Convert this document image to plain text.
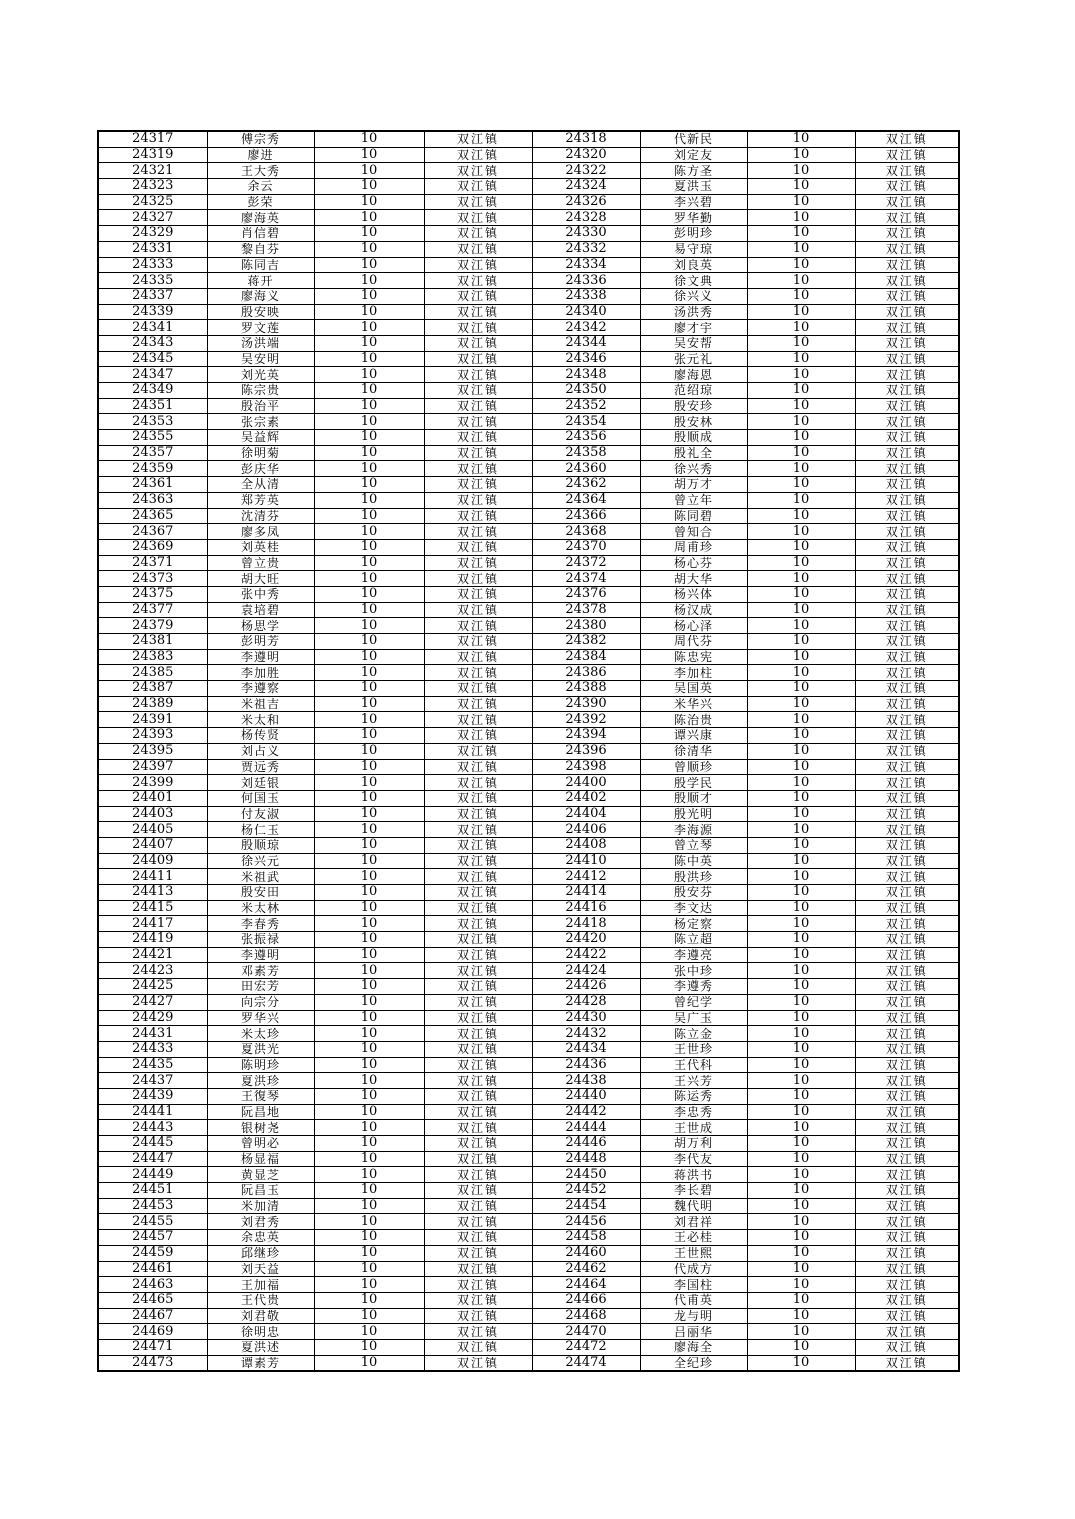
24317	傅宗秀	10	双江镇	24318	代新民	10	双江镇
24319	廖进	10	双江镇	24320	刘定友	10	双江镇
24321	王大秀	10	双江镇	24322	陈方圣	10	双江镇
24323	余云	10	双江镇	24324	夏洪玉	10	双江镇
24325	彭荣	10	双江镇	24326	李兴碧	10	双江镇
24327	廖海英	10	双江镇	24328	罗华勤	10	双江镇
24329	肖信碧	10	双江镇	24330	彭明珍	10	双江镇
24331	黎自芬	10	双江镇	24332	易守琼	10	双江镇
24333	陈同吉	10	双江镇	24334	刘良英	10	双江镇
24335	蒋开	10	双江镇	24336	徐文典	10	双江镇
24337	廖海义	10	双江镇	24338	徐兴义	10	双江镇
24339	殷安映	10	双江镇	24340	汤洪秀	10	双江镇
24341	罗文莲	10	双江镇	24342	廖才宇	10	双江镇
24343	汤洪端	10	双江镇	24344	吴安帮	10	双江镇
24345	吴安明	10	双江镇	24346	张元礼	10	双江镇
24347	刘光英	10	双江镇	24348	廖海恩	10	双江镇
24349	陈宗贵	10	双江镇	24350	范绍琼	10	双江镇
24351	殷治平	10	双江镇	24352	殷安珍	10	双江镇
24353	张宗素	10	双江镇	24354	殷安林	10	双江镇
24355	吴益辉	10	双江镇	24356	殷顺成	10	双江镇
24357	徐明菊	10	双江镇	24358	殷礼全	10	双江镇
24359	彭庆华	10	双江镇	24360	徐兴秀	10	双江镇
24361	全从清	10	双江镇	24362	胡万才	10	双江镇
24363	郑芳英	10	双江镇	24364	曾立年	10	双江镇
24365	沈清芬	10	双江镇	24366	陈同碧	10	双江镇
24367	廖多凤	10	双江镇	24368	曾知合	10	双江镇
24369	刘英桂	10	双江镇	24370	周甫珍	10	双江镇
24371	曾立贵	10	双江镇	24372	杨心芬	10	双江镇
24373	胡大旺	10	双江镇	24374	胡大华	10	双江镇
24375	张中秀	10	双江镇	24376	杨兴体	10	双江镇
24377	袁培碧	10	双江镇	24378	杨汉成	10	双江镇
24379	杨思学	10	双江镇	24380	杨心泽	10	双江镇
24381	彭明芳	10	双江镇	24382	周代芬	10	双江镇
24383	李遵明	10	双江镇	24384	陈忠宪	10	双江镇
24385	李加胜	10	双江镇	24386	李加柱	10	双江镇
24387	李遵察	10	双江镇	24388	吴国英	10	双江镇
24389	米祖吉	10	双江镇	24390	米华兴	10	双江镇
24391	米太和	10	双江镇	24392	陈治贵	10	双江镇
24393	杨传贤	10	双江镇	24394	谭兴康	10	双江镇
24395	刘占义	10	双江镇	24396	徐清华	10	双江镇
24397	贾远秀	10	双江镇	24398	曾顺珍	10	双江镇
24399	刘廷银	10	双江镇	24400	殷学民	10	双江镇
24401	何国玉	10	双江镇	24402	殷顺才	10	双江镇
24403	付友淑	10	双江镇	24404	殷光明	10	双江镇
24405	杨仁玉	10	双江镇	24406	李海源	10	双江镇
24407	殷顺琼	10	双江镇	24408	曾立琴	10	双江镇
24409	徐兴元	10	双江镇	24410	陈中英	10	双江镇
24411	米祖武	10	双江镇	24412	殷洪珍	10	双江镇
24413	殷安田	10	双江镇	24414	殷安芬	10	双江镇
24415	米太林	10	双江镇	24416	李文达	10	双江镇
24417	李春秀	10	双江镇	24418	杨定察	10	双江镇
24419	张振禄	10	双江镇	24420	陈立超	10	双江镇
24421	李遵明	10	双江镇	24422	李遵亮	10	双江镇
24423	邓素芳	10	双江镇	24424	张中珍	10	双江镇
24425	田宏芳	10	双江镇	24426	李遵秀	10	双江镇
24427	向宗分	10	双江镇	24428	曾纪学	10	双江镇
24429	罗华兴	10	双江镇	24430	吴广玉	10	双江镇
24431	米太珍	10	双江镇	24432	陈立金	10	双江镇
24433	夏洪光	10	双江镇	24434	王世珍	10	双江镇
24435	陈明珍	10	双江镇	24436	王代科	10	双江镇
24437	夏洪珍	10	双江镇	24438	王兴芳	10	双江镇
24439	王復琴	10	双江镇	24440	陈运秀	10	双江镇
24441	阮昌地	10	双江镇	24442	李忠秀	10	双江镇
24443	银树尧	10	双江镇	24444	王世成	10	双江镇
24445	曾明必	10	双江镇	24446	胡万利	10	双江镇
24447	杨显福	10	双江镇	24448	李代友	10	双江镇
24449	黄显芝	10	双江镇	24450	蒋洪书	10	双江镇
24451	阮昌玉	10	双江镇	24452	李长碧	10	双江镇
24453	米加清	10	双江镇	24454	魏代明	10	双江镇
24455	刘君秀	10	双江镇	24456	刘君祥	10	双江镇
24457	余忠英	10	双江镇	24458	王必桂	10	双江镇
24459	邱继珍	10	双江镇	24460	王世熙	10	双江镇
24461	刘天益	10	双江镇	24462	代成方	10	双江镇
24463	王加福	10	双江镇	24464	李国柱	10	双江镇
24465	王代贵	10	双江镇	24466	代甫英	10	双江镇
24467	刘君敬	10	双江镇	24468	龙与明	10	双江镇
24469	徐明忠	10	双江镇	24470	吕丽华	10	双江镇
24471	夏洪述	10	双江镇	24472	廖海全	10	双江镇
24473	谭素芳	10	双江镇	24474	全纪珍	10	双江镇
